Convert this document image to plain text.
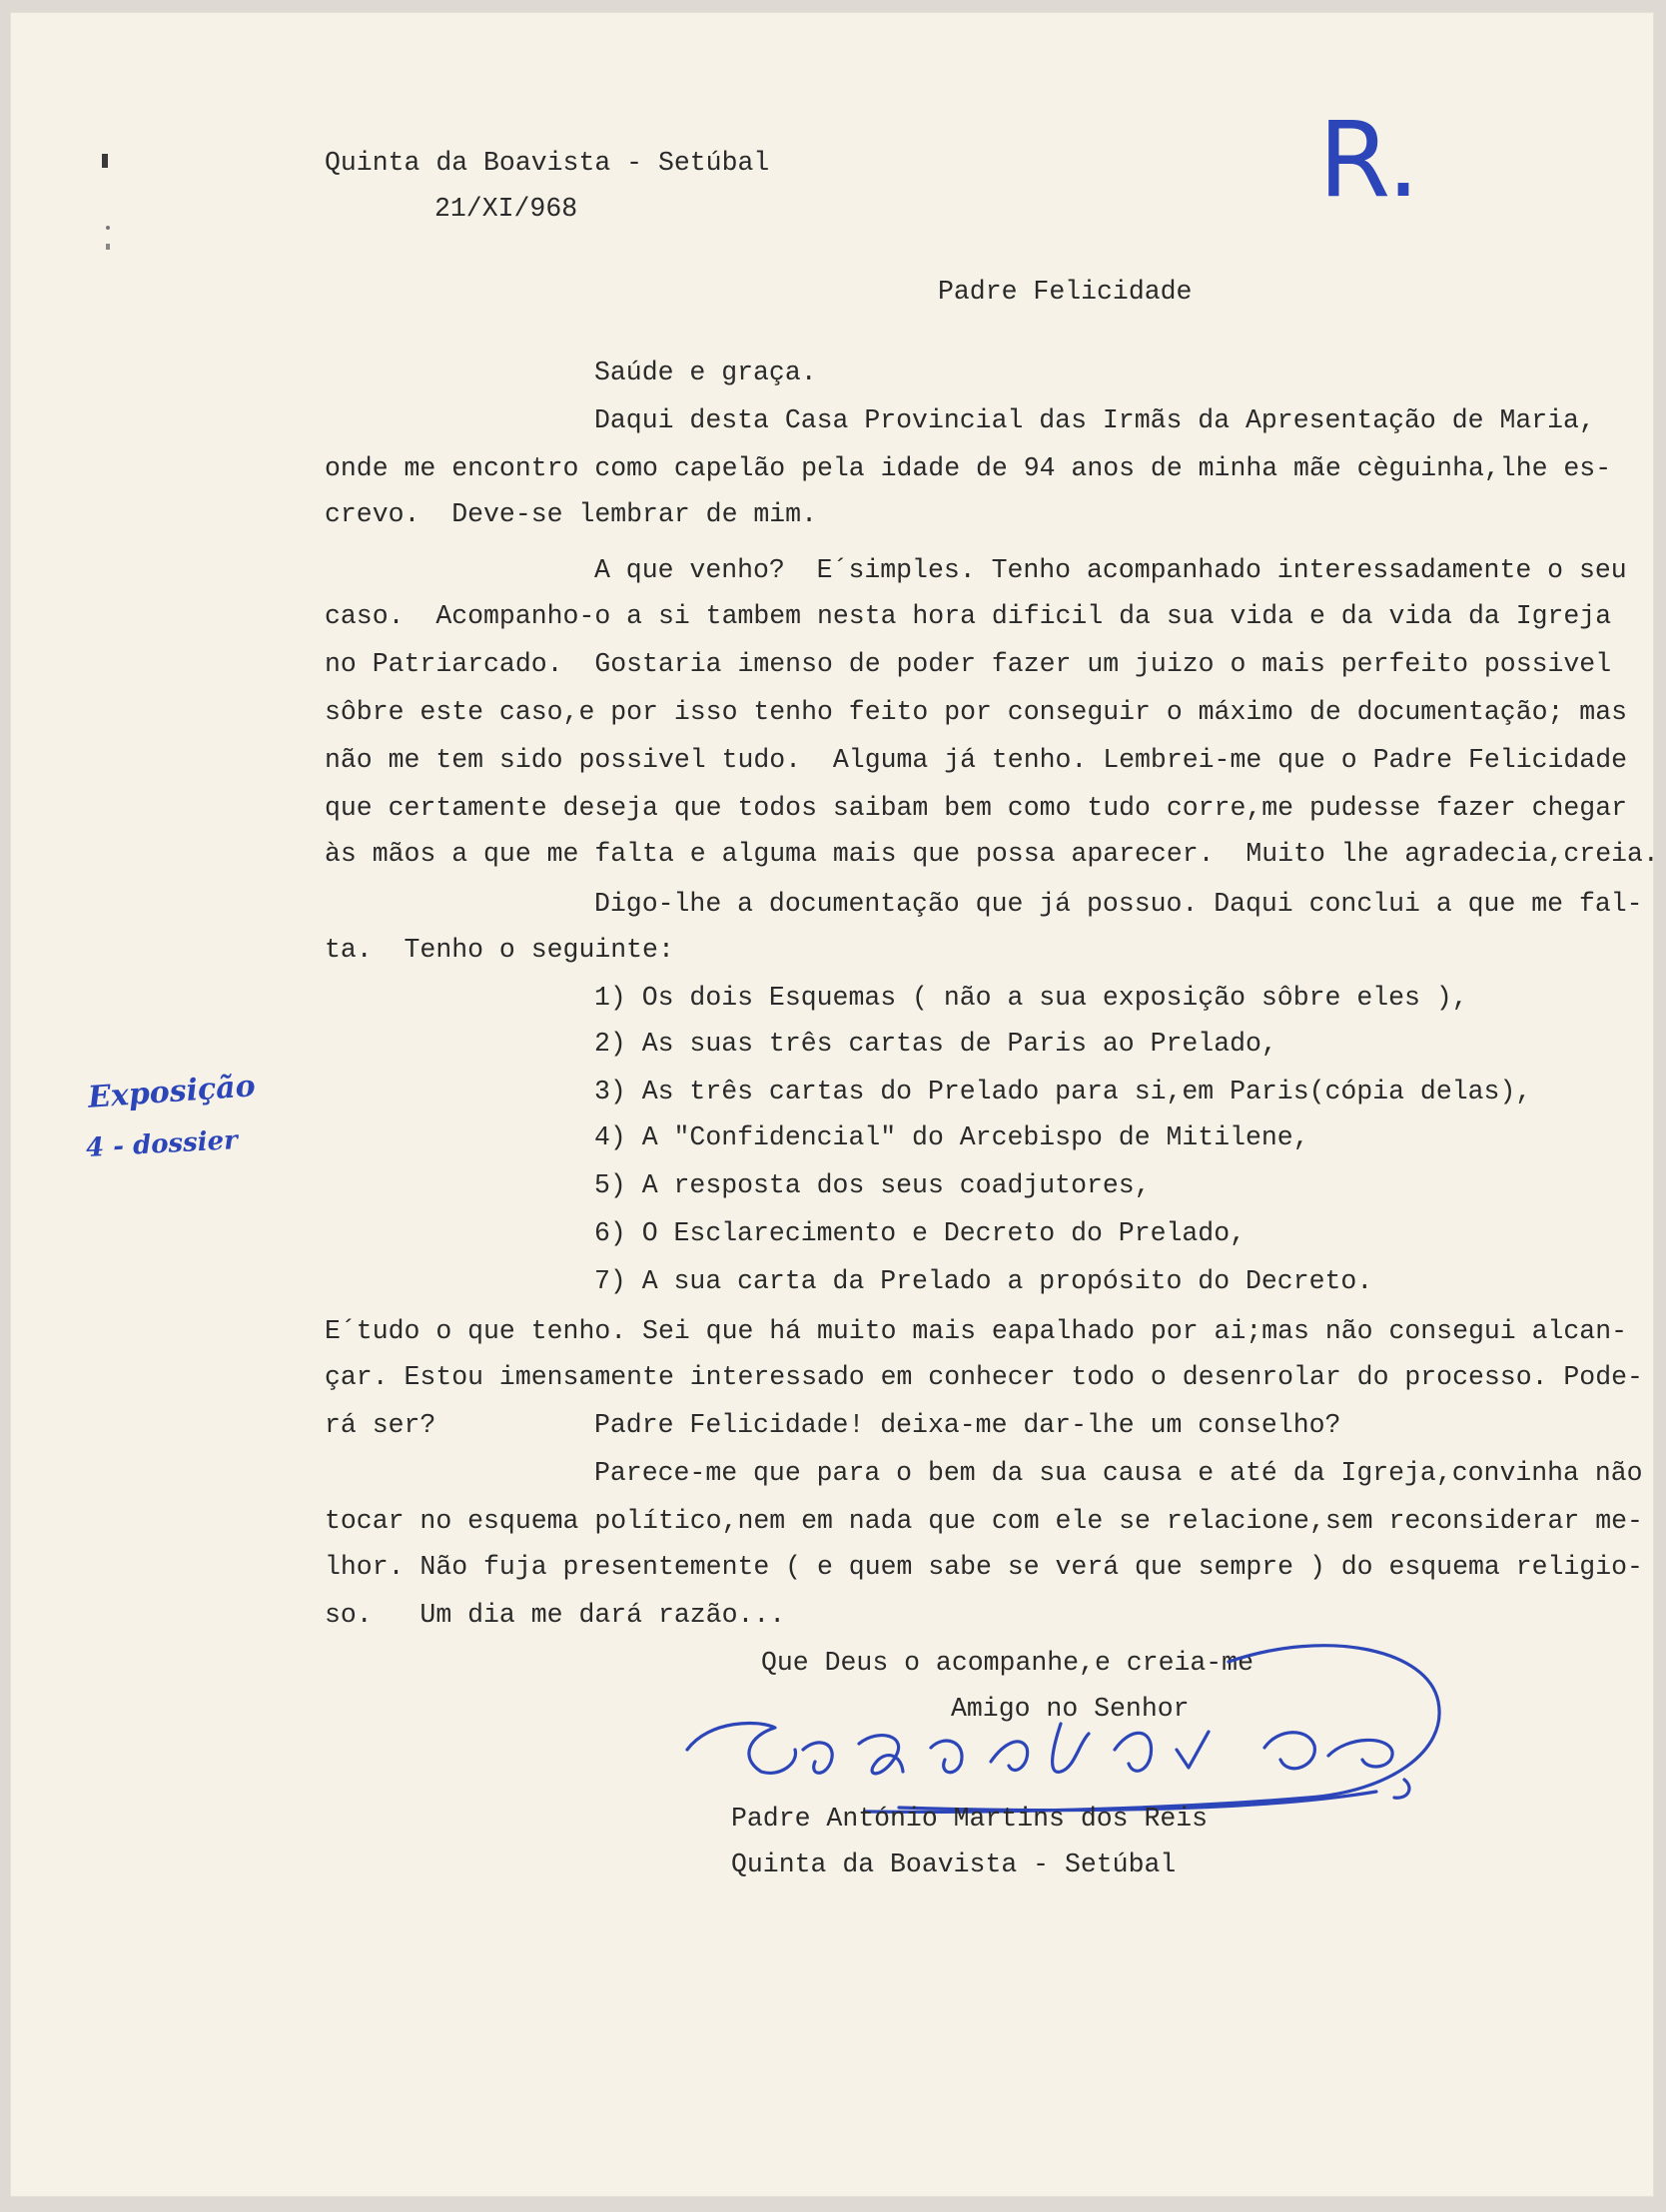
Quinta da Boavista - Setúbal

21/XI/968	R.

Padre Felicidade

Saúde e graça.

Daqui desta Casa Provincial das Irmãs da Apresentação de Maria,

onde me encontro como capelão pela idade de 94 anos de minha mãe cèguinha,lhe es-

crevo.  Deve-se lembrar de mim.

A que venho?  E´simples. Tenho acompanhado interessadamente o seu

caso.  Acompanho-o a si tambem nesta hora dificil da sua vida e da vida da Igreja

no Patriarcado.  Gostaria imenso de poder fazer um juizo o mais perfeito possivel

sôbre este caso,e por isso tenho feito por conseguir o máximo de documentação; mas

não me tem sido possivel tudo.  Alguma já tenho. Lembrei-me que o Padre Felicidade

que certamente deseja que todos saibam bem como tudo corre,me pudesse fazer chegar

às mãos a que me falta e alguma mais que possa aparecer.  Muito lhe agradecia,creia.

Digo-lhe a documentação que já possuo. Daqui conclui a que me fal-

ta.  Tenho o seguinte:

1) Os dois Esquemas ( não a sua exposição sôbre eles ),

2) As suas três cartas de Paris ao Prelado,

3) As três cartas do Prelado para si,em Paris(cópia delas),

4) A "Confidencial" do Arcebispo de Mitilene,

5) A resposta dos seus coadjutores,

6) O Esclarecimento e Decreto do Prelado,

7) A sua carta da Prelado a propósito do Decreto.

Exposição

4 - dossier

E´tudo o que tenho. Sei que há muito mais eapalhado por ai;mas não consegui alcan-

çar. Estou imensamente interessado em conhecer todo o desenrolar do processo. Pode-

rá ser?	Padre Felicidade! deixa-me dar-lhe um conselho?

Parece-me que para o bem da sua causa e até da Igreja,convinha não

tocar no esquema político,nem em nada que com ele se relacione,sem reconsiderar me-

lhor. Não fuja presentemente ( e quem sabe se verá que sempre ) do esquema religio-

so.   Um dia me dará razão...

Que Deus o acompanhe,e creia-me

Amigo no Senhor

Padre António Martins dos Reis

Quinta da Boavista - Setúbal
